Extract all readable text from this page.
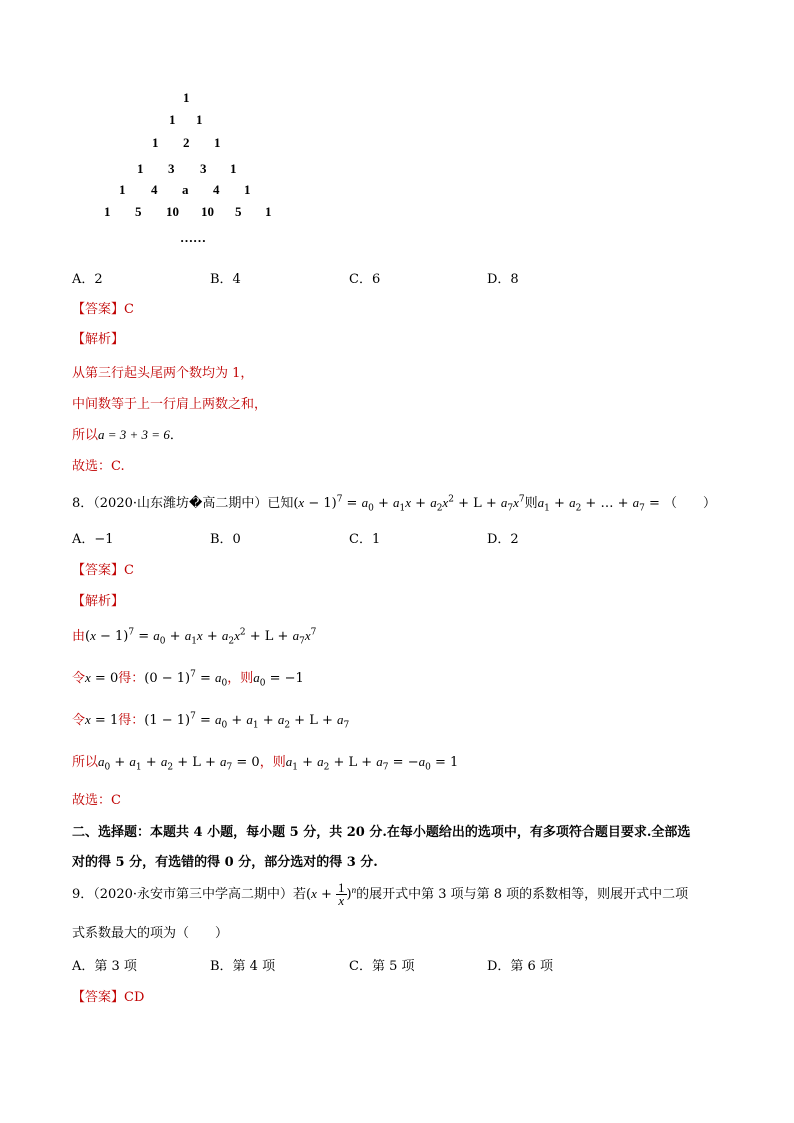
1
1 1
1 2 1
1 3 3 1
1 4 a 4 1
1 5 10 10 5 1
……
A．2	B．4	C．6	D．8
【答案】C
【解析】
从第三行起头尾两个数均为 1，
中间数等于上一行肩上两数之和，
所以a = 3 + 3 = 6．
故选：C.
8．（2020·山东潍坊�高二期中）已知$(x - 1)^7 = a_0 + a_1x + a_2x^2 + L + a_7x^7$则$a_1 + a_2$ + … + $a_7$ = （　　）
A．−1	B．0	C．1	D．2
【答案】C
【解析】
由$(x - 1)^7 = a_0 + a_1x + a_2x^2 + L + a_7x^7$
令x = 0得：$(0 - 1)^7 = a_0$，则$a_0 = -1$
令x = 1得：$(1 - 1)^7 = a_0 + a_1 + a_2 + L + a_7$
所以$a_0 + a_1 + a_2 + L + a_7 = 0$，则$a_1 + a_2 + L + a_7 = -a_0 = 1$
故选：C
二、选择题：本题共 4 小题，每小题 5 分，共 20 分.在每小题给出的选项中，有多项符合题目要求.全部选
对的得 5 分，有选错的得 0 分，部分选对的得 3 分.
9．（2020·永安市第三中学高二期中）若$(x + \frac{1}{x} )^n$的展开式中第 3 项与第 8 项的系数相等，则展开式中二项
式系数最大的项为（　　）
A．第 3 项	B．第 4 项	C．第 5 项	D．第 6 项
【答案】CD
